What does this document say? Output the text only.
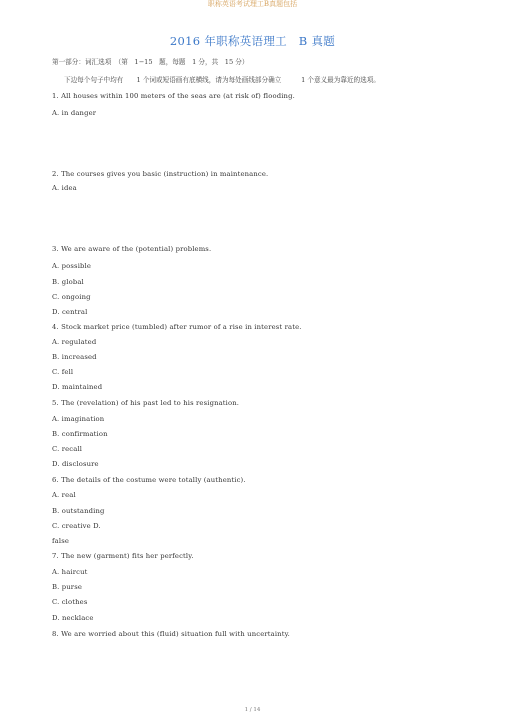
职称英语考试理工B真题包括
2016 年职称英语理工　B 真题
第一部分：词汇选项　（第　1−15　题，每题　1 分，共　15 分）
下边每个句子中均有　　1 个词或短语画有底横线，请为每处画线部分确立　　　1 个意义最为靠近的选项。
1. All houses within 100 meters of the seas are (at risk of) flooding.
A. in danger
2. The courses gives you basic (instruction) in maintenance.
A. idea
3. We are aware of the (potential) problems.
A. possible
B. global
C. ongoing
D. central
4. Stock market price (tumbled) after rumor of a rise in interest rate.
A. regulated
B. increased
C. fell
D. maintained
5. The (revelation) of his past led to his resignation.
A. imagination
B. confirmation
C. recall
D. disclosure
6. The details of the costume were totally (authentic).
A. real
B. outstanding
C. creative D.
false
7. The new (garment) fits her perfectly.
A. haircut
B. purse
C. clothes
D. necklace
8. We are worried about this (fluid) situation full with uncertainty.
1 / 14
